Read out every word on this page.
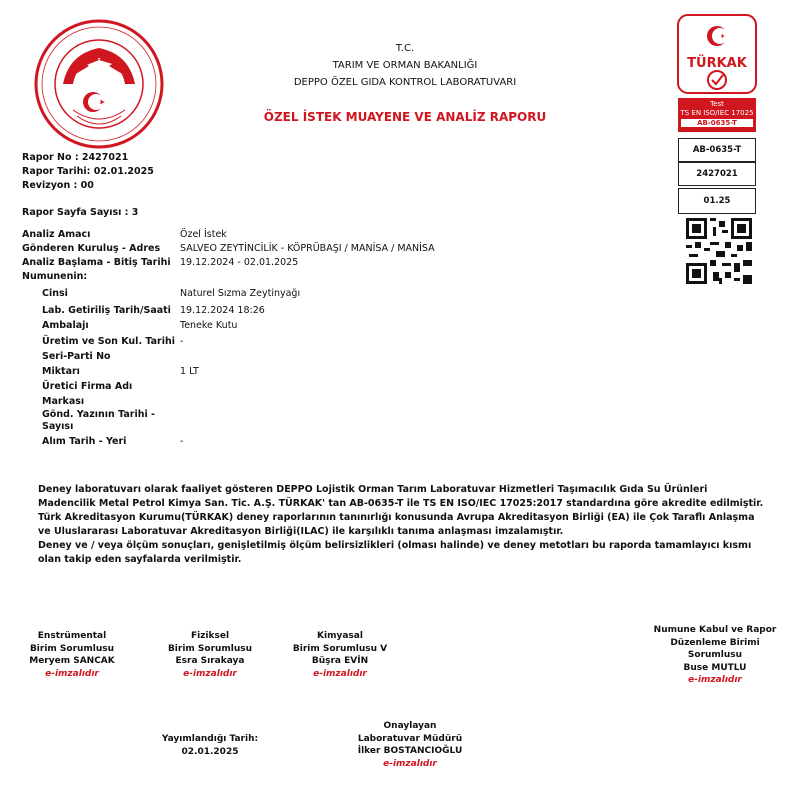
T.C.
TARIM VE ORMAN BAKANLIĞI
DEPPO ÖZEL GIDA KONTROL LABORATUVARI
ÖZEL İSTEK MUAYENE VE ANALİZ RAPORU
TÜRKAK
Test
TS EN ISO/IEC 17025
AB-0635-T
AB-0635-T
2427021
01.25
Rapor No : 2427021
Rapor Tarihi: 02.01.2025
Revizyon : 00
Rapor Sayfa Sayısı : 3
Analiz Amacı	Özel İstek
Gönderen Kuruluş - Adres SALVEO ZEYTİNCİLİK - KÖPRÜBAŞI / MANİSA / MANİSA
Analiz Başlama - Bitiş Tarihi 19.12.2024 - 02.01.2025
Numunenin:
Cinsi	Naturel Sızma Zeytinyağı
Lab. Getiriliş Tarih/Saati 19.12.2024 18:26
Ambalajı	Teneke Kutu
Üretim ve Son Kul. Tarihi -
Seri-Parti No
Miktarı	1 LT
Üretici Firma Adı
Markası
Gönd. Yazının Tarihi - Sayısı
Alım Tarih - Yeri	-
Deney laboratuvarı olarak faaliyet gösteren DEPPO Lojistik Orman Tarım Laboratuvar Hizmetleri Taşımacılık Gıda Su Ürünleri Madencilik Metal Petrol Kimya San. Tic. A.Ş. TÜRKAK' tan AB-0635-T ile TS EN ISO/IEC 17025:2017 standardına göre akredite edilmiştir.
Türk Akreditasyon Kurumu(TÜRKAK) deney raporlarının tanınırlığı konusunda Avrupa Akreditasyon Birliği (EA) ile Çok Taraflı Anlaşma ve Uluslararası Laboratuvar Akreditasyon Birliği(ILAC) ile karşılıklı tanıma anlaşması imzalamıştır.
Deney ve / veya ölçüm sonuçları, genişletilmiş ölçüm belirsizlikleri (olması halinde) ve deney metotları bu raporda tamamlayıcı kısmı olan takip eden sayfalarda verilmiştir.
Enstrümental
Birim Sorumlusu
Meryem SANCAK
e-imzalıdır
Fiziksel
Birim Sorumlusu
Esra Sırakaya
e-imzalıdır
Kimyasal
Birim Sorumlusu V
Büşra EVİN
e-imzalıdır
Numune Kabul ve Rapor
Düzenleme Birimi
Sorumlusu
Buse MUTLU
e-imzalıdır
Yayımlandığı Tarih:
02.01.2025
Onaylayan
Laboratuvar Müdürü
İlker BOSTANCIOĞLU
e-imzalıdır
